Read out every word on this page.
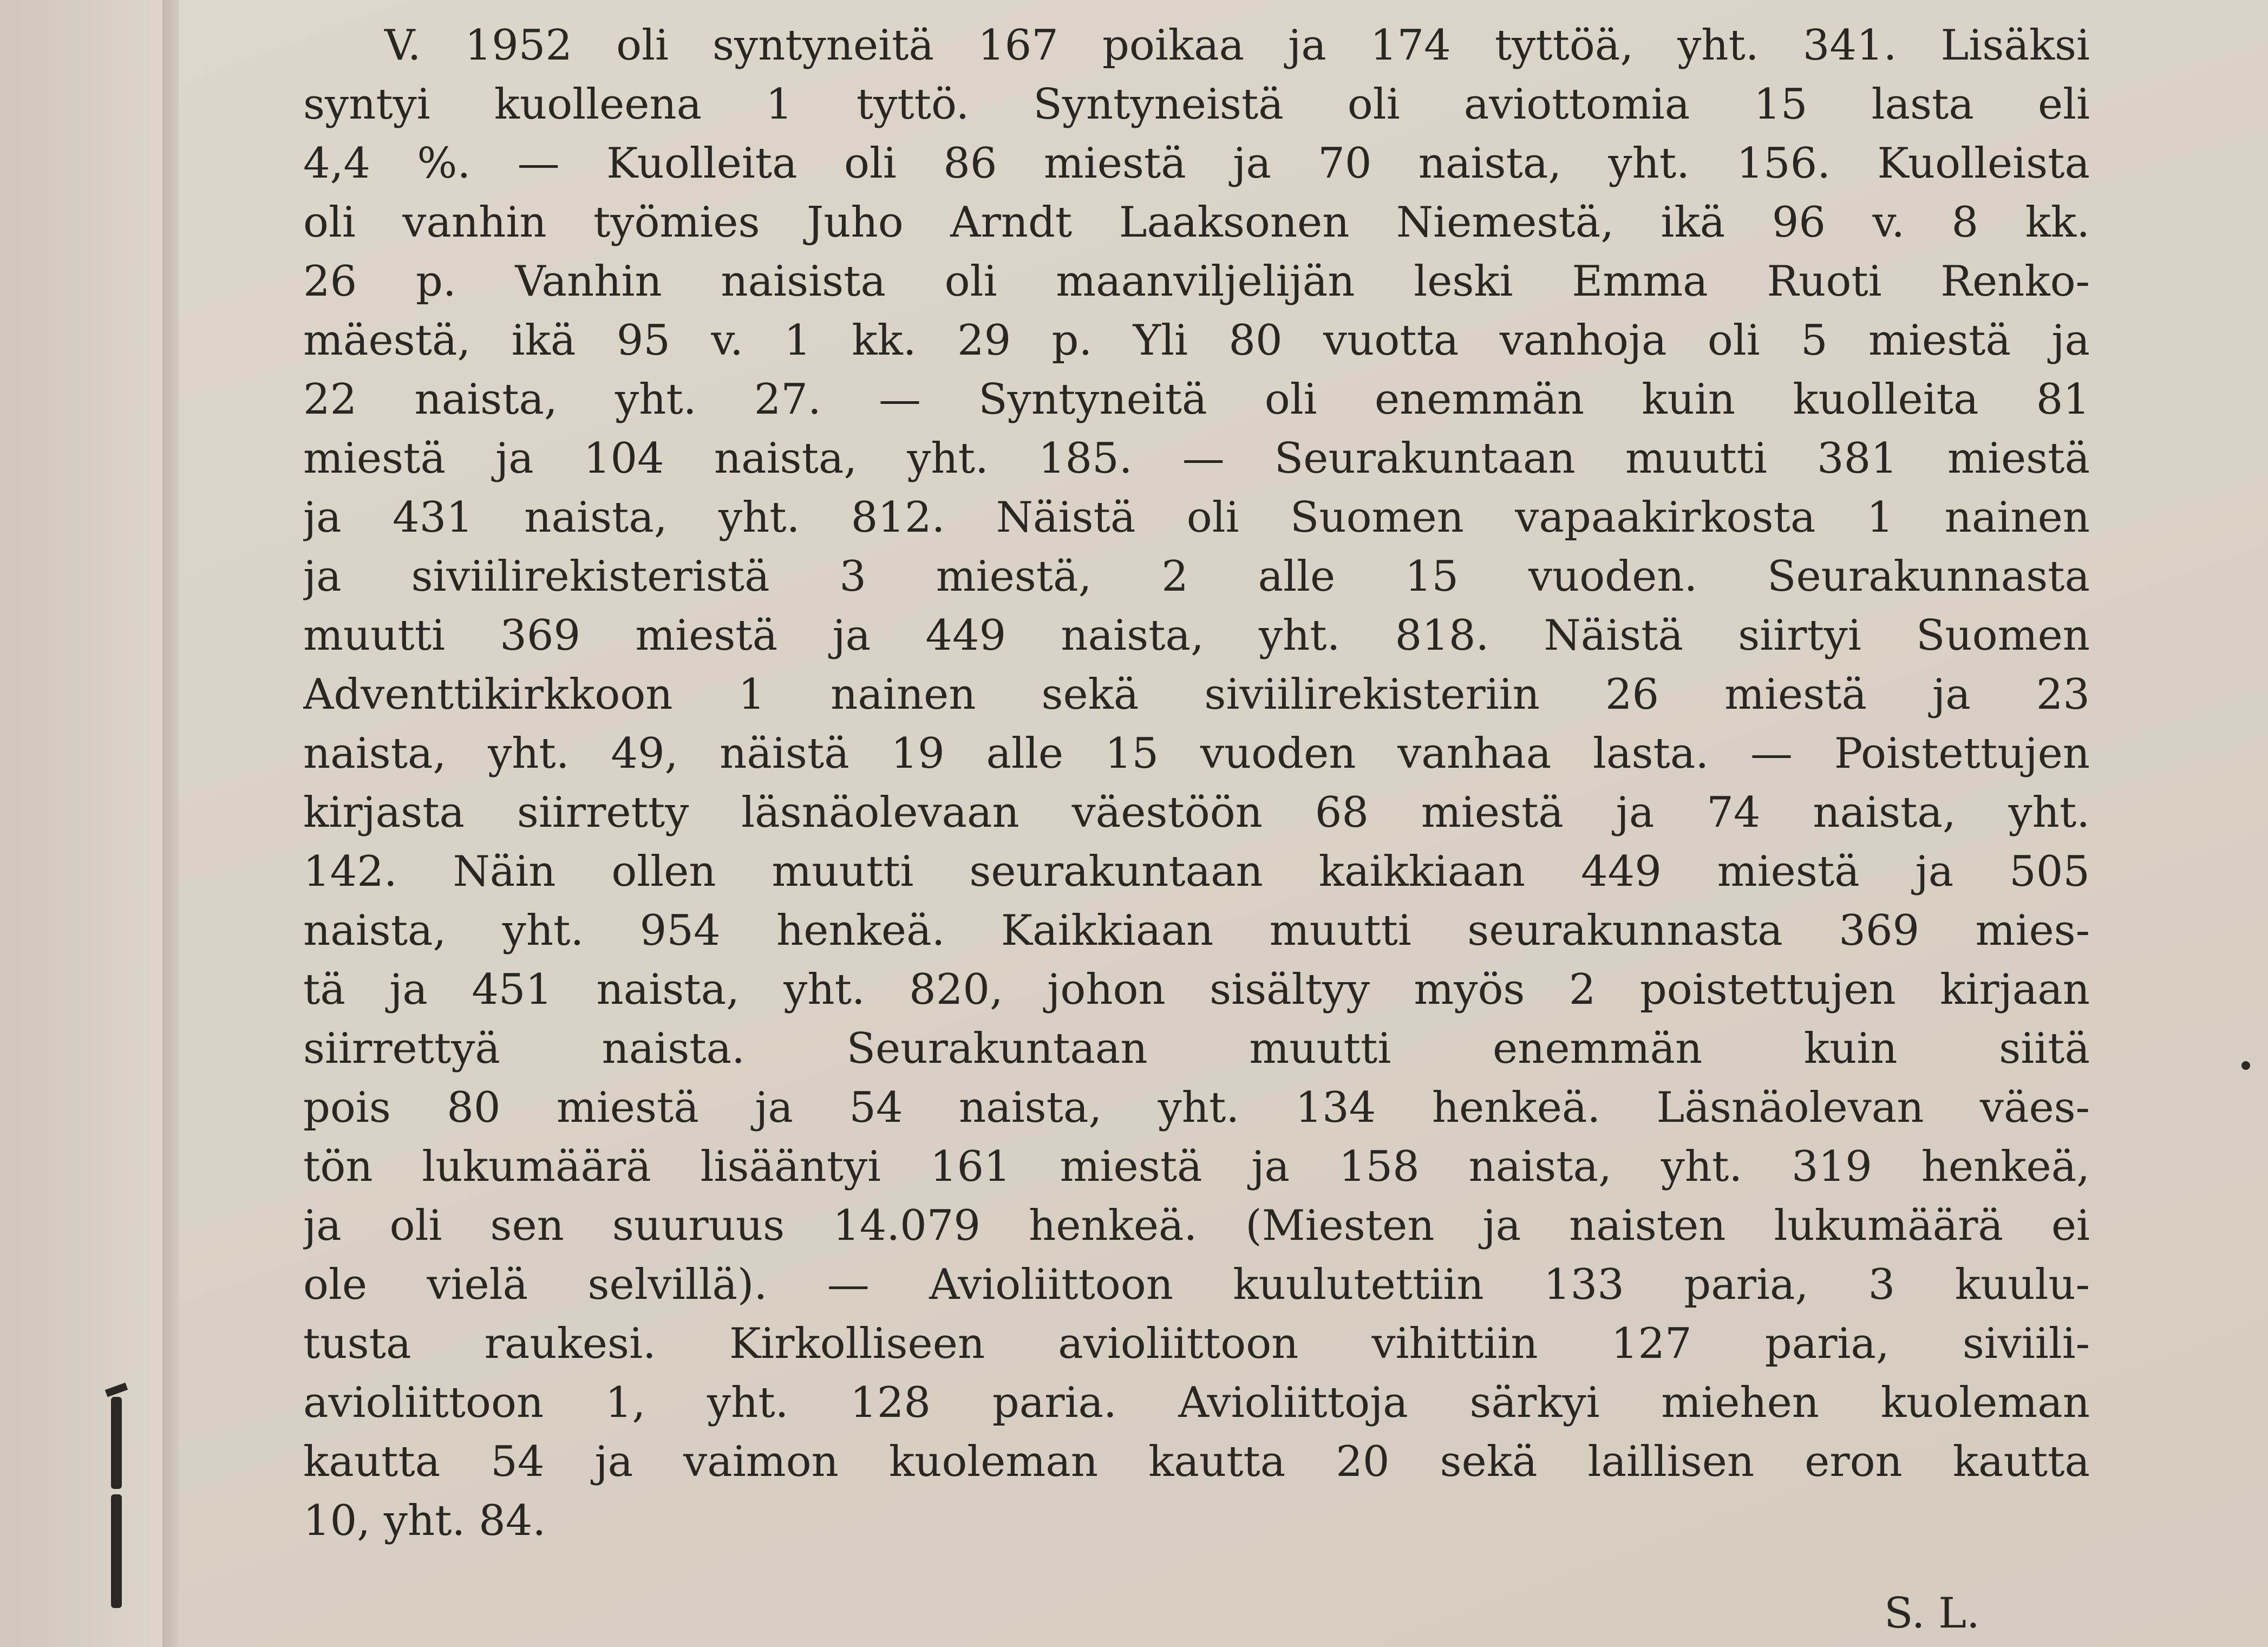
V. 1952 oli syntyneitä 167 poikaa ja 174 tyttöä, yht. 341. Lisäksi
syntyi kuolleena 1 tyttö. Syntyneistä oli aviottomia 15 lasta eli
4,4 %. — Kuolleita oli 86 miestä ja 70 naista, yht. 156. Kuolleista
oli vanhin työmies Juho Arndt Laaksonen Niemestä, ikä 96 v. 8 kk.
26 p. Vanhin naisista oli maanviljelijän leski Emma Ruoti Renko-
mäestä, ikä 95 v. 1 kk. 29 p. Yli 80 vuotta vanhoja oli 5 miestä ja
22 naista, yht. 27. — Syntyneitä oli enemmän kuin kuolleita 81
miestä ja 104 naista, yht. 185. — Seurakuntaan muutti 381 miestä
ja 431 naista, yht. 812. Näistä oli Suomen vapaakirkosta 1 nainen
ja siviilirekisteristä 3 miestä, 2 alle 15 vuoden. Seurakunnasta
muutti 369 miestä ja 449 naista, yht. 818. Näistä siirtyi Suomen
Adventtikirkkoon 1 nainen sekä siviilirekisteriin 26 miestä ja 23
naista, yht. 49, näistä 19 alle 15 vuoden vanhaa lasta. — Poistettujen
kirjasta siirretty läsnäolevaan väestöön 68 miestä ja 74 naista, yht.
142. Näin ollen muutti seurakuntaan kaikkiaan 449 miestä ja 505
naista, yht. 954 henkeä. Kaikkiaan muutti seurakunnasta 369 mies-
tä ja 451 naista, yht. 820, johon sisältyy myös 2 poistettujen kirjaan
siirrettyä naista. Seurakuntaan muutti enemmän kuin siitä
pois 80 miestä ja 54 naista, yht. 134 henkeä. Läsnäolevan väes-
tön lukumäärä lisääntyi 161 miestä ja 158 naista, yht. 319 henkeä,
ja oli sen suuruus 14.079 henkeä. (Miesten ja naisten lukumäärä ei
ole vielä selvillä). — Avioliittoon kuulutettiin 133 paria, 3 kuulu-
tusta raukesi. Kirkolliseen avioliittoon vihittiin 127 paria, siviili-
avioliittoon 1, yht. 128 paria. Avioliittoja särkyi miehen kuoleman
kautta 54 ja vaimon kuoleman kautta 20 sekä laillisen eron kautta
10, yht. 84.
S. L.
